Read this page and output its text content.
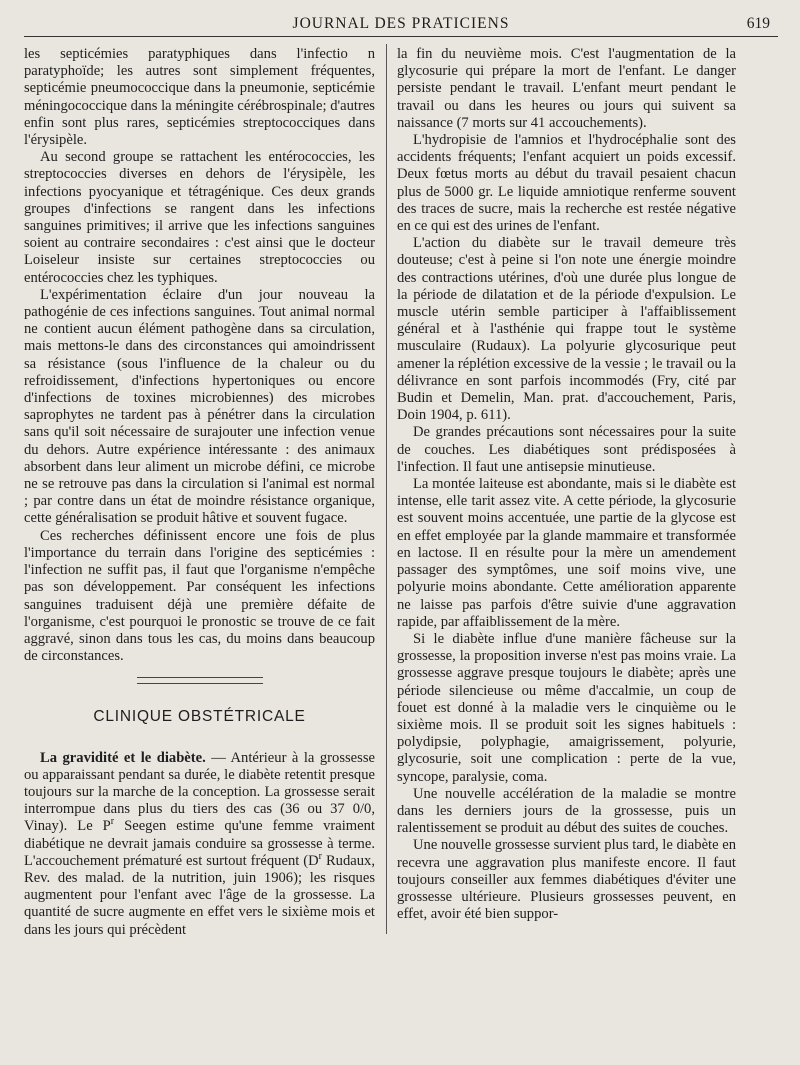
JOURNAL DES PRATICIENS	619

les septicémies paratyphiques dans l'infectio n paratyphoïde; les autres sont simplement fréquentes, septicémie pneumococcique dans la pneumonie, septicémie méningococcique dans la méningite cérébrospinale; d'autres enfin sont plus rares, septicémies streptococciques dans l'érysipèle.

Au second groupe se rattachent les entérococcies, les streptococcies diverses en dehors de l'érysipèle, les infections pyocyanique et tétragénique. Ces deux grands groupes d'infections se rangent dans les infections sanguines primitives; il arrive que les infections sanguines soient au contraire secondaires : c'est ainsi que le docteur Loiseleur insiste sur certaines streptococcies ou entérococcies chez les typhiques.

L'expérimentation éclaire d'un jour nouveau la pathogénie de ces infections sanguines. Tout animal normal ne contient aucun élément pathogène dans sa circulation, mais mettons-le dans des circonstances qui amoindrissent sa résistance (sous l'influence de la chaleur ou du refroidissement, d'infections hypertoniques ou encore d'infections de toxines microbiennes) des microbes saprophytes ne tardent pas à pénétrer dans la circulation sans qu'il soit nécessaire de surajouter une infection venue du dehors. Autre expérience intéressante : des animaux absorbent dans leur aliment un microbe défini, ce microbe ne se retrouve pas dans la circulation si l'animal est normal ; par contre dans un état de moindre résistance organique, cette généralisation se produit hâtive et souvent fugace.

Ces recherches définissent encore une fois de plus l'importance du terrain dans l'origine des septicémies : l'infection ne suffit pas, il faut que l'organisme n'empêche pas son développement. Par conséquent les infections sanguines traduisent déjà une première défaite de l'organisme, c'est pourquoi le pronostic se trouve de ce fait aggravé, sinon dans tous les cas, du moins dans beaucoup de circonstances.

CLINIQUE OBSTÉTRICALE

La gravidité et le diabète. — Antérieur à la grossesse ou apparaissant pendant sa durée, le diabète retentit presque toujours sur la marche de la conception. La grossesse serait interrompue dans plus du tiers des cas (36 ou 37 0/0, Vinay). Le $P^r$ Seegen estime qu'une femme vraiment diabétique ne devrait jamais conduire sa grossesse à terme. L'accouchement prématuré est surtout fréquent ($D^r$ Rudaux, Rev. des malad. de la nutrition, juin 1906); les risques augmentent pour l'enfant avec l'âge de la grossesse. La quantité de sucre augmente en effet vers le sixième mois et dans les jours qui précèdent

la fin du neuvième mois. C'est l'augmentation de la glycosurie qui prépare la mort de l'enfant. Le danger persiste pendant le travail. L'enfant meurt pendant le travail ou dans les heures ou jours qui suivent sa naissance (7 morts sur 41 accouchements).

L'hydropisie de l'amnios et l'hydrocéphalie sont des accidents fréquents; l'enfant acquiert un poids excessif. Deux fœtus morts au début du travail pesaient chacun plus de 5000 gr. Le liquide amniotique renferme souvent des traces de sucre, mais la recherche est restée négative en ce qui est des urines de l'enfant.

L'action du diabète sur le travail demeure très douteuse; c'est à peine si l'on note une énergie moindre des contractions utérines, d'où une durée plus longue de la période de dilatation et de la période d'expulsion. Le muscle utérin semble participer à l'affaiblissement général et à l'asthénie qui frappe tout le système musculaire (Rudaux). La polyurie glycosurique peut amener la réplétion excessive de la vessie ; le travail ou la délivrance en sont parfois incommodés (Fry, cité par Budin et Demelin, Man. prat. d'accouchement, Paris, Doin 1904, p. 611).

De grandes précautions sont nécessaires pour la suite de couches. Les diabétiques sont prédisposées à l'infection. Il faut une antisepsie minutieuse.

La montée laiteuse est abondante, mais si le diabète est intense, elle tarit assez vite. A cette période, la glycosurie est souvent moins accentuée, une partie de la glycose est en effet employée par la glande mammaire et transformée en lactose. Il en résulte pour la mère un amendement passager des symptômes, une soif moins vive, une polyurie moins abondante. Cette amélioration apparente ne laisse pas parfois d'être suivie d'une aggravation rapide, par affaiblissement de la mère.

Si le diabète influe d'une manière fâcheuse sur la grossesse, la proposition inverse n'est pas moins vraie. La grossesse aggrave presque toujours le diabète; après une période silencieuse ou même d'accalmie, un coup de fouet est donné à la maladie vers le cinquième ou le sixième mois. Il se produit soit les signes habituels : polydipsie, polyphagie, amaigrissement, polyurie, glycosurie, soit une complication : perte de la vue, syncope, paralysie, coma.

Une nouvelle accélération de la maladie se montre dans les derniers jours de la grossesse, puis un ralentissement se produit au début des suites de couches.

Une nouvelle grossesse survient plus tard, le diabète en recevra une aggravation plus manifeste encore. Il faut toujours conseiller aux femmes diabétiques d'éviter une grossesse ultérieure. Plusieurs grossesses peuvent, en effet, avoir été bien suppor-
